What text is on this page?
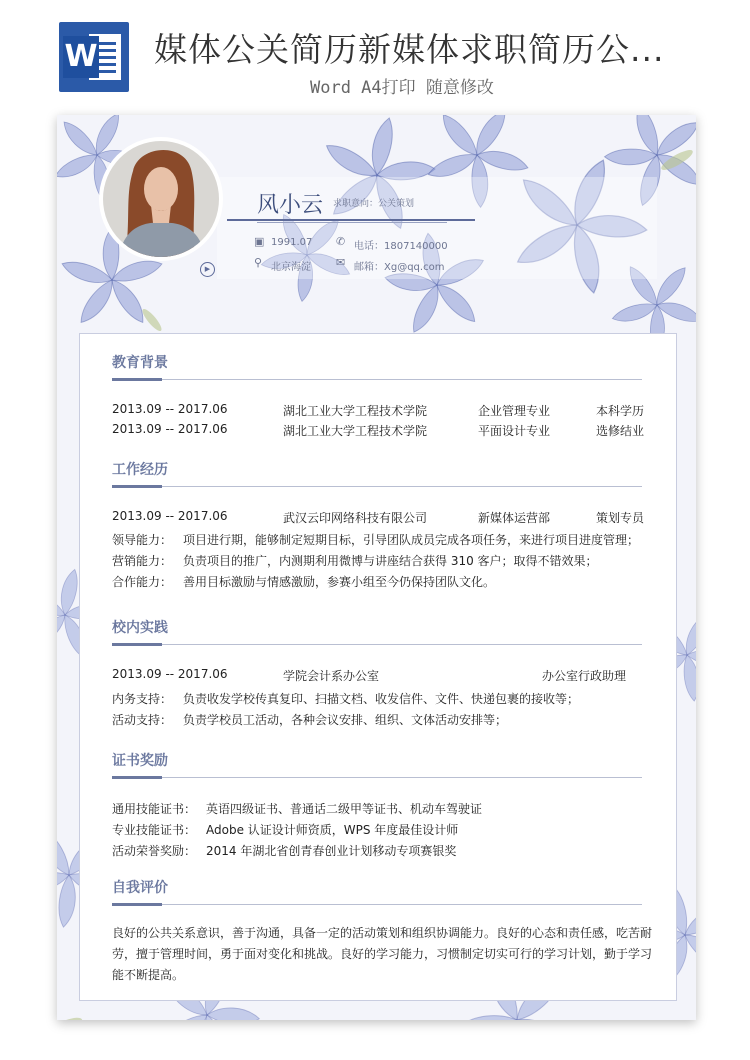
W 媒体公关简历新媒体求职简历公...
Word A4打印 随意修改
风小云 求职意向：公关策划
▣ 1991.07 ✆ 电话：1807140000
⚲ 北京海淀 ✉ 邮箱：Xg@qq.com
▶
教育背景
2013.09 -- 2017.06	湖北工业大学工程技术学院	企业管理专业	本科学历
2013.09 -- 2017.06	湖北工业大学工程技术学院	平面设计专业	选修结业
工作经历
2013.09 -- 2017.06	武汉云印网络科技有限公司	新媒体运营部	策划专员
领导能力： 项目进行期，能够制定短期目标，引导团队成员完成各项任务，来进行项目进度管理；
营销能力： 负责项目的推广，内测期利用微博与讲座结合获得 310 客户；取得不错效果；
合作能力： 善用目标激励与情感激励，参赛小组至今仍保持团队文化。
校内实践
2013.09 -- 2017.06	学院会计系办公室	办公室行政助理
内务支持： 负责收发学校传真复印、扫描文档、收发信件、文件、快递包裹的接收等；
活动支持： 负责学校员工活动，各种会议安排、组织、文体活动安排等；
证书奖励
通用技能证书： 英语四级证书、普通话二级甲等证书、机动车驾驶证
专业技能证书： Adobe 认证设计师资质，WPS 年度最佳设计师
活动荣誉奖励： 2014 年湖北省创青春创业计划移动专项赛银奖
自我评价
良好的公共关系意识，善于沟通，具备一定的活动策划和组织协调能力。良好的心态和责任感，吃苦耐劳，擅于管理时间，勇于面对变化和挑战。良好的学习能力，习惯制定切实可行的学习计划，勤于学习能不断提高。
